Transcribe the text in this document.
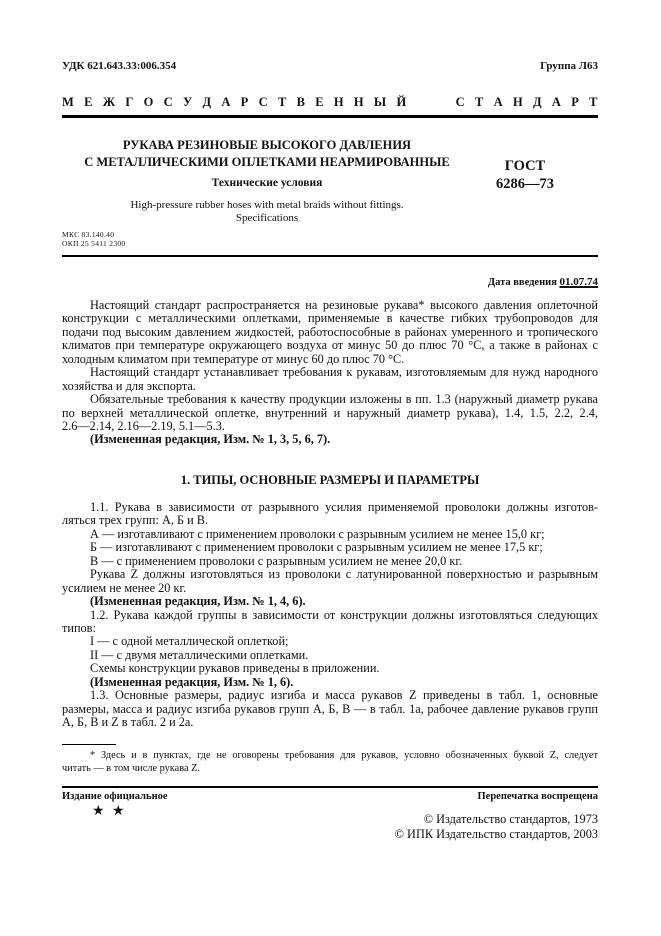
УДК 621.643.33:006.354	Группа Л63
М Е Ж Г О С У Д А Р С Т В Е Н Н Ы Й     С Т А Н Д А Р Т
РУКАВА РЕЗИНОВЫЕ ВЫСОКОГО ДАВЛЕНИЯ
С МЕТАЛЛИЧЕСКИМИ ОПЛЕТКАМИ НЕАРМИРОВАННЫЕ
Технические условия
ГОСТ
6286—73
High-pressure rubber hoses with metal braids without fittings.
Specifications
МКС 83.140.40
ОКП 25 5411 2300
Дата введения 01.07.74
Настоящий стандарт распространяется на резиновые рукава* высокого давления оплеточной
конструкции с металлическими оплетками, применяемые в качестве гибких трубопроводов для
подачи под высоким давлением жидкостей, работоспособные в районах умеренного и тропического
климатов при температуре окружающего воздуха от минус 50 до плюс 70 °С, а также в районах с
холодным климатом при температуре от минус 60 до плюс 70 °С.
Настоящий стандарт устанавливает требования к рукавам, изготовляемым для нужд народного
хозяйства и для экспорта.
Обязательные требования к качеству продукции изложены в пп. 1.3 (наружный диаметр рукава
по верхней металлической оплетке, внутренний и наружный диаметр рукава), 1.4, 1.5, 2.2, 2.4,
2.6—2.14, 2.16—2.19, 5.1—5.3.
(Измененная редакция, Изм. № 1, 3, 5, 6, 7).
1. ТИПЫ, ОСНОВНЫЕ РАЗМЕРЫ И ПАРАМЕТРЫ
1.1. Рукава в зависимости от разрывного усилия применяемой проволоки должны изготов-
ляться трех групп: А, Б и В.
А — изготавливают с применением проволоки с разрывным усилием не менее 15,0 кг;
Б — изготавливают с применением проволоки с разрывным усилием не менее 17,5 кг;
В — с применением проволоки с разрывным усилием не менее 20,0 кг.
Рукава Z должны изготовляться из проволоки с латунированной поверхностью и разрывным
усилием не менее 20 кг.
(Измененная редакция, Изм. № 1, 4, 6).
1.2. Рукава каждой группы в зависимости от конструкции должны изготовляться следующих
типов:
I — с одной металлической оплеткой;
II — с двумя металлическими оплетками.
Схемы конструкции рукавов приведены в приложении.
(Измененная редакция, Изм. № 1, 6).
1.3. Основные размеры, радиус изгиба и масса рукавов Z приведены в табл. 1, основные
размеры, масса и радиус изгиба рукавов групп А, Б, В — в табл. 1а, рабочее давление рукавов групп
А, Б, В и Z в табл. 2 и 2а.
* Здесь и в пунктах, где не оговорены требования для рукавов, условно обозначенных буквой Z, следует
читать — в том числе рукава Z.
Издание официальное	Перепечатка воспрещена
★ ★	© Издательство стандартов, 1973
© ИПК Издательство стандартов, 2003
